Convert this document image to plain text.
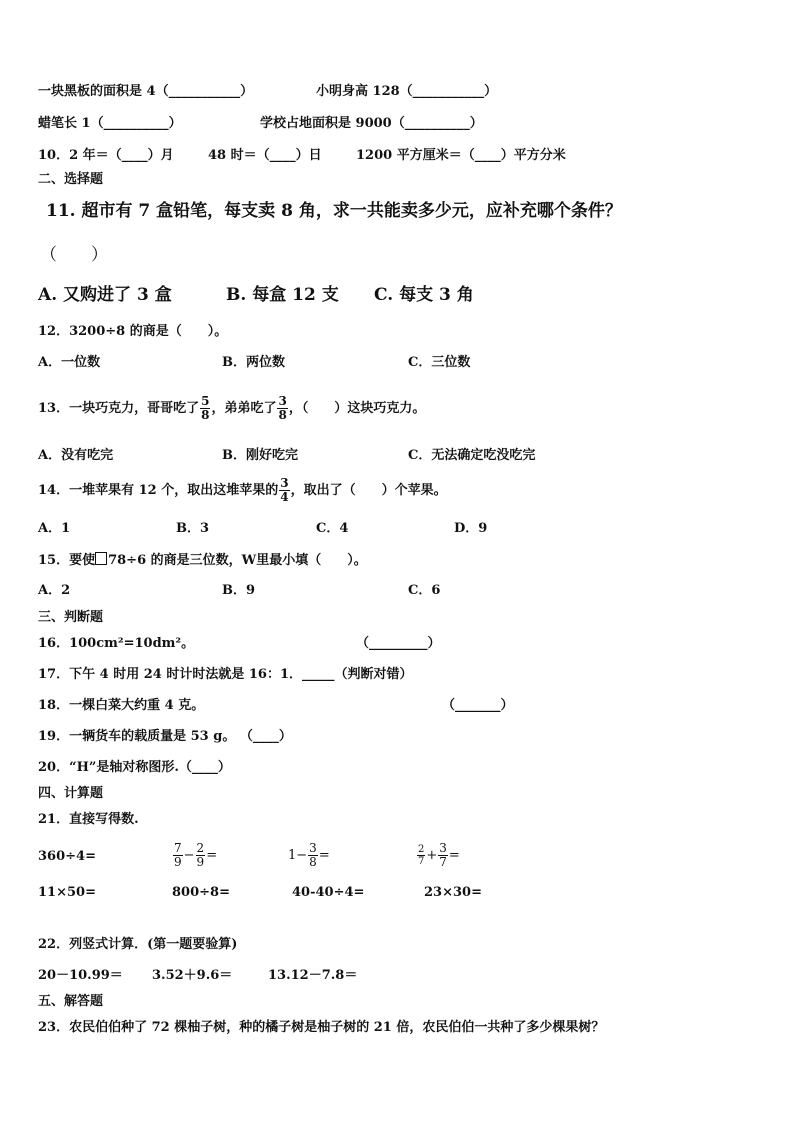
一块黑板的面积是 4（___________）	小明身高 128（___________）
蜡笔长 1（__________）	学校占地面积是 9000（__________）
10．2 年＝（____）月	48 时＝（____）日	1200 平方厘米＝（____）平方分米
二、选择题
11. 超市有 7 盒铅笔，每支卖 8 角，求一共能卖多少元，应补充哪个条件？
（　　）
A. 又购进了 3 盒	B. 每盒 12 支 C. 每支 3 角
12．3200÷8 的商是（　　）。
A．一位数	B．两位数	C．三位数
13．一块巧克力，哥哥吃了 $\frac{5}{8}$ ，弟弟吃了 $\frac{3}{8}$ ，（　　）这块巧克力。
A．没有吃完	B．刚好吃完	C．无法确定吃没吃完
14．一堆苹果有 12 个，取出这堆苹果的 $\frac{3}{4}$ ，取出了（　　）个苹果。
A．1	B．3	C．4	D．9
15．要使 78÷6 的商是三位数，W里最小填（　　）。
A．2	B．9	C．6
三、判断题
16．100cm²=10dm²。	（_________）
17．下午 4 时用 24 时计时法就是 16：1．_____（判断对错）
18．一棵白菜大约重 4 克。	（_______）
19．一辆货车的载质量是 53 g。 （____）
20．“H”是轴对称图形.（____）
四、计算题
21．直接写得数.
360÷4=	$\frac{7}{9} - \frac{2}{9}$ =	$1- \frac{3}{8}$ =	$\frac{2}{7} + \frac{3}{7}$ =
11×50=	800÷8=	40-40÷4=	23×30=
22．列竖式计算．(第一题要验算)
20－10.99＝ 3.52＋9.6＝	13.12－7.8＝
五、解答题
23．农民伯伯种了 72 棵柚子树，种的橘子树是柚子树的 21 倍，农民伯伯一共种了多少棵果树？
